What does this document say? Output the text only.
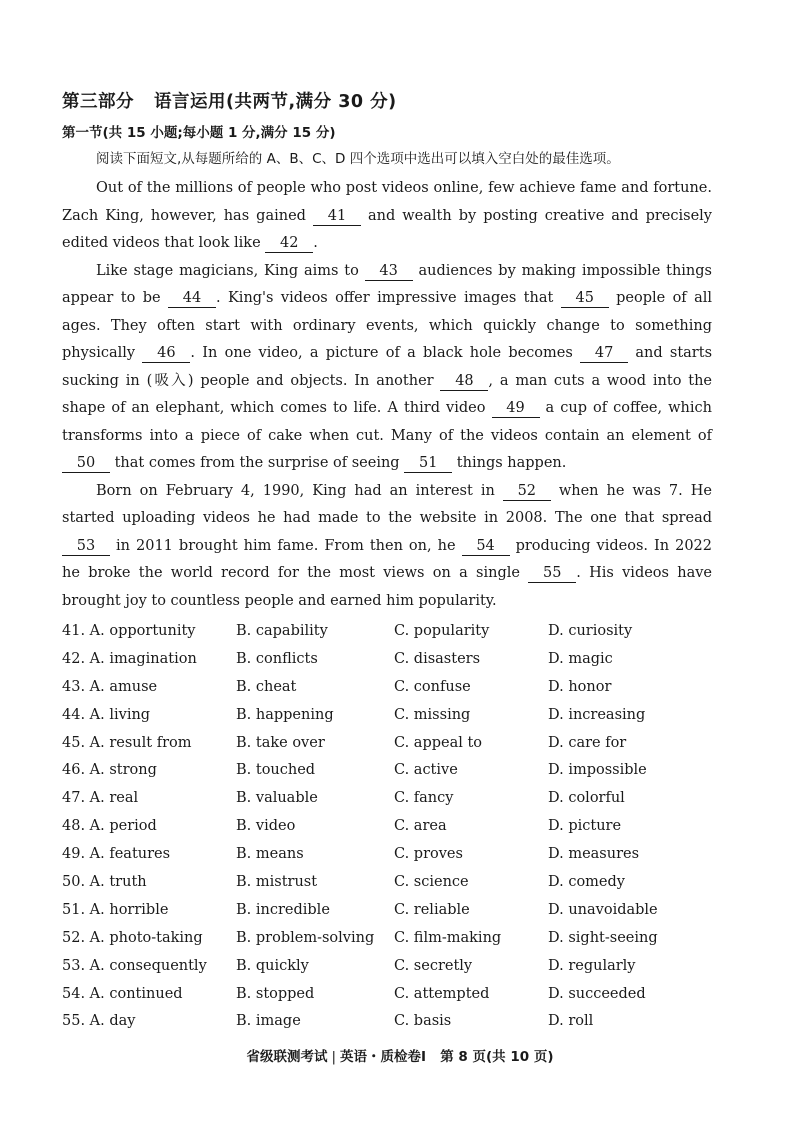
第三部分 语言运用(共两节,满分 30 分)
第一节(共 15 小题;每小题 1 分,满分 15 分)
阅读下面短文,从每题所给的 A、B、C、D 四个选项中选出可以填入空白处的最佳选项。

Out of the millions of people who post videos online, few achieve fame and fortune. Zach King, however, has gained 41 and wealth by posting creative and precisely edited videos that look like 42 .

Like stage magicians, King aims to 43 audiences by making impossible things appear to be 44 . King's videos offer impressive images that 45 people of all ages. They often start with ordinary events, which quickly change to something physically 46 . In one video, a picture of a black hole becomes 47 and starts sucking in (吸入) people and objects. In another 48 , a man cuts a wood into the shape of an elephant, which comes to life. A third video 49 a cup of coffee, which transforms into a piece of cake when cut. Many of the videos contain an element of 50 that comes from the surprise of seeing 51 things happen.

Born on February 4, 1990, King had an interest in 52 when he was 7. He started uploading videos he had made to the website in 2008. The one that spread 53 in 2011 brought him fame. From then on, he 54 producing videos. In 2022 he broke the world record for the most views on a single 55 . His videos have brought joy to countless people and earned him popularity.

41. A. opportunity	B. capability	C. popularity	D. curiosity
42. A. imagination	B. conflicts	C. disasters	D. magic
43. A. amuse	B. cheat	C. confuse	D. honor
44. A. living	B. happening	C. missing	D. increasing
45. A. result from	B. take over	C. appeal to	D. care for
46. A. strong	B. touched	C. active	D. impossible
47. A. real	B. valuable	C. fancy	D. colorful
48. A. period	B. video	C. area	D. picture
49. A. features	B. means	C. proves	D. measures
50. A. truth	B. mistrust	C. science	D. comedy
51. A. horrible	B. incredible	C. reliable	D. unavoidable
52. A. photo-taking	B. problem-solving	C. film-making	D. sight-seeing
53. A. consequently	B. quickly	C. secretly	D. regularly
54. A. continued	B. stopped	C. attempted	D. succeeded
55. A. day	B. image	C. basis	D. roll
省级联测考试 | 英语・质检卷Ⅰ 第 8 页(共 10 页)
